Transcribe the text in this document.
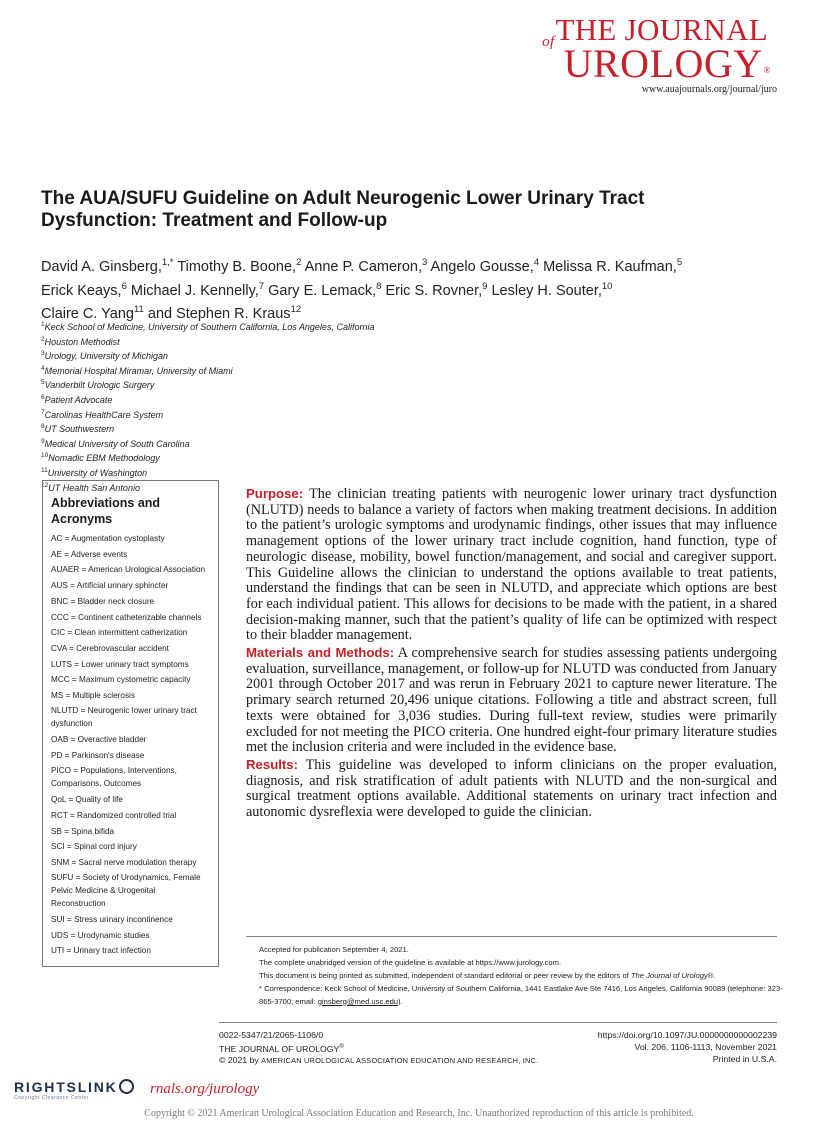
ofTHE JOURNAL
UROLOGY®
www.auajournals.org/journal/juro
The AUA/SUFU Guideline on Adult Neurogenic Lower Urinary Tract Dysfunction: Treatment and Follow-up
David A. Ginsberg,$^{1,*}$ Timothy B. Boone,$^2$ Anne P. Cameron,$^3$ Angelo Gousse,$^4$ Melissa R. Kaufman,$^5$
Erick Keays,$^6$ Michael J. Kennelly,$^7$ Gary E. Lemack,$^8$ Eric S. Rovner,$^9$ Lesley H. Souter,$^{10}$
Claire C. Yang$^{11}$ and Stephen R. Kraus$^{12}$
$^1$Keck School of Medicine, University of Southern California, Los Angeles, California
$^2$Houston Methodist
$^3$Urology, University of Michigan
$^4$Memorial Hospital Miramar, University of Miami
$^5$Vanderbilt Urologic Surgery
$^6$Patient Advocate
$^7$Carolinas HealthCare System
$^8$UT Southwestern
$^9$Medical University of South Carolina
$^{10}$Nomadic EBM Methodology
$^{11}$University of Washington
$^{12}$UT Health San Antonio
Abbreviations and Acronyms
AC = Augmentation cystoplasty
AE = Adverse events
AUAER = American Urological Association
AUS = Artificial urinary sphincter
BNC = Bladder neck closure
CCC = Continent catheterizable channels
CIC = Clean intermittent catherization
CVA = Cerebrovascular accident
LUTS = Lower urinary tract symptoms
MCC = Maximum cystometric capacity
MS = Multiple sclerosis
NLUTD = Neurogenic lower urinary tract dysfunction
OAB = Overactive bladder
PD = Parkinson's disease
PICO = Populations, Interventions, Comparisons, Outcomes
QoL = Quality of life
RCT = Randomized controlled trial
SB = Spina bifida
SCI = Spinal cord injury
SNM = Sacral nerve modulation therapy
SUFU = Society of Urodynamics, Female Pelvic Medicine & Urogenital Reconstruction
SUI = Stress urinary incontinence
UDS = Urodynamic studies
UTI = Urinary tract infection

Purpose: The clinician treating patients with neurogenic lower urinary tract dysfunction (NLUTD) needs to balance a variety of factors when making treatment decisions. In addition to the patient’s urologic symptoms and urodynamic findings, other issues that may influence management options of the lower urinary tract include cognition, hand function, type of neurologic disease, mobility, bowel function/management, and social and caregiver support. This Guideline allows the clinician to understand the options available to treat patients, understand the findings that can be seen in NLUTD, and appreciate which options are best for each individual patient. This allows for decisions to be made with the patient, in a shared decision-making manner, such that the patient’s quality of life can be optimized with respect to their bladder management.

Materials and Methods: A comprehensive search for studies assessing patients undergoing evaluation, surveillance, management, or follow-up for NLUTD was conducted from January 2001 through October 2017 and was rerun in February 2021 to capture newer literature. The primary search returned 20,496 unique citations. Following a title and abstract screen, full texts were obtained for 3,036 studies. During full-text review, studies were primarily excluded for not meeting the PICO criteria. One hundred eight-four primary literature studies met the inclusion criteria and were included in the evidence base.

Results: This guideline was developed to inform clinicians on the proper evaluation, diagnosis, and risk stratification of adult patients with NLUTD and the non-surgical and surgical treatment options available. Additional statements on urinary tract infection and autonomic dysreflexia were developed to guide the clinician.

Accepted for publication September 4, 2021.
The complete unabridged version of the guideline is available at https://www.jurology.com.
This document is being printed as submitted, independent of standard editorial or peer review by the editors of The Journal of Urology®.
* Correspondence: Keck School of Medicine, University of Southern California, 1441 Eastlake Ave Ste 7416, Los Angeles, California 90089 (telephone: 323-865-3700; email: ginsberg@med.usc.edu).
0022-5347/21/2065-1106/0
THE JOURNAL OF UROLOGY®
© 2021 by AMERICAN UROLOGICAL ASSOCIATION EDUCATION AND RESEARCH, INC.
https://doi.org/10.1097/JU.0000000000002239
Vol. 206, 1106-1113, November 2021
Printed in U.S.A.
RIGHTSLINK
Copyright Clearance Center
rnals.org/jurology
Copyright © 2021 American Urological Association Education and Research, Inc. Unauthorized reproduction of this article is prohibited.
